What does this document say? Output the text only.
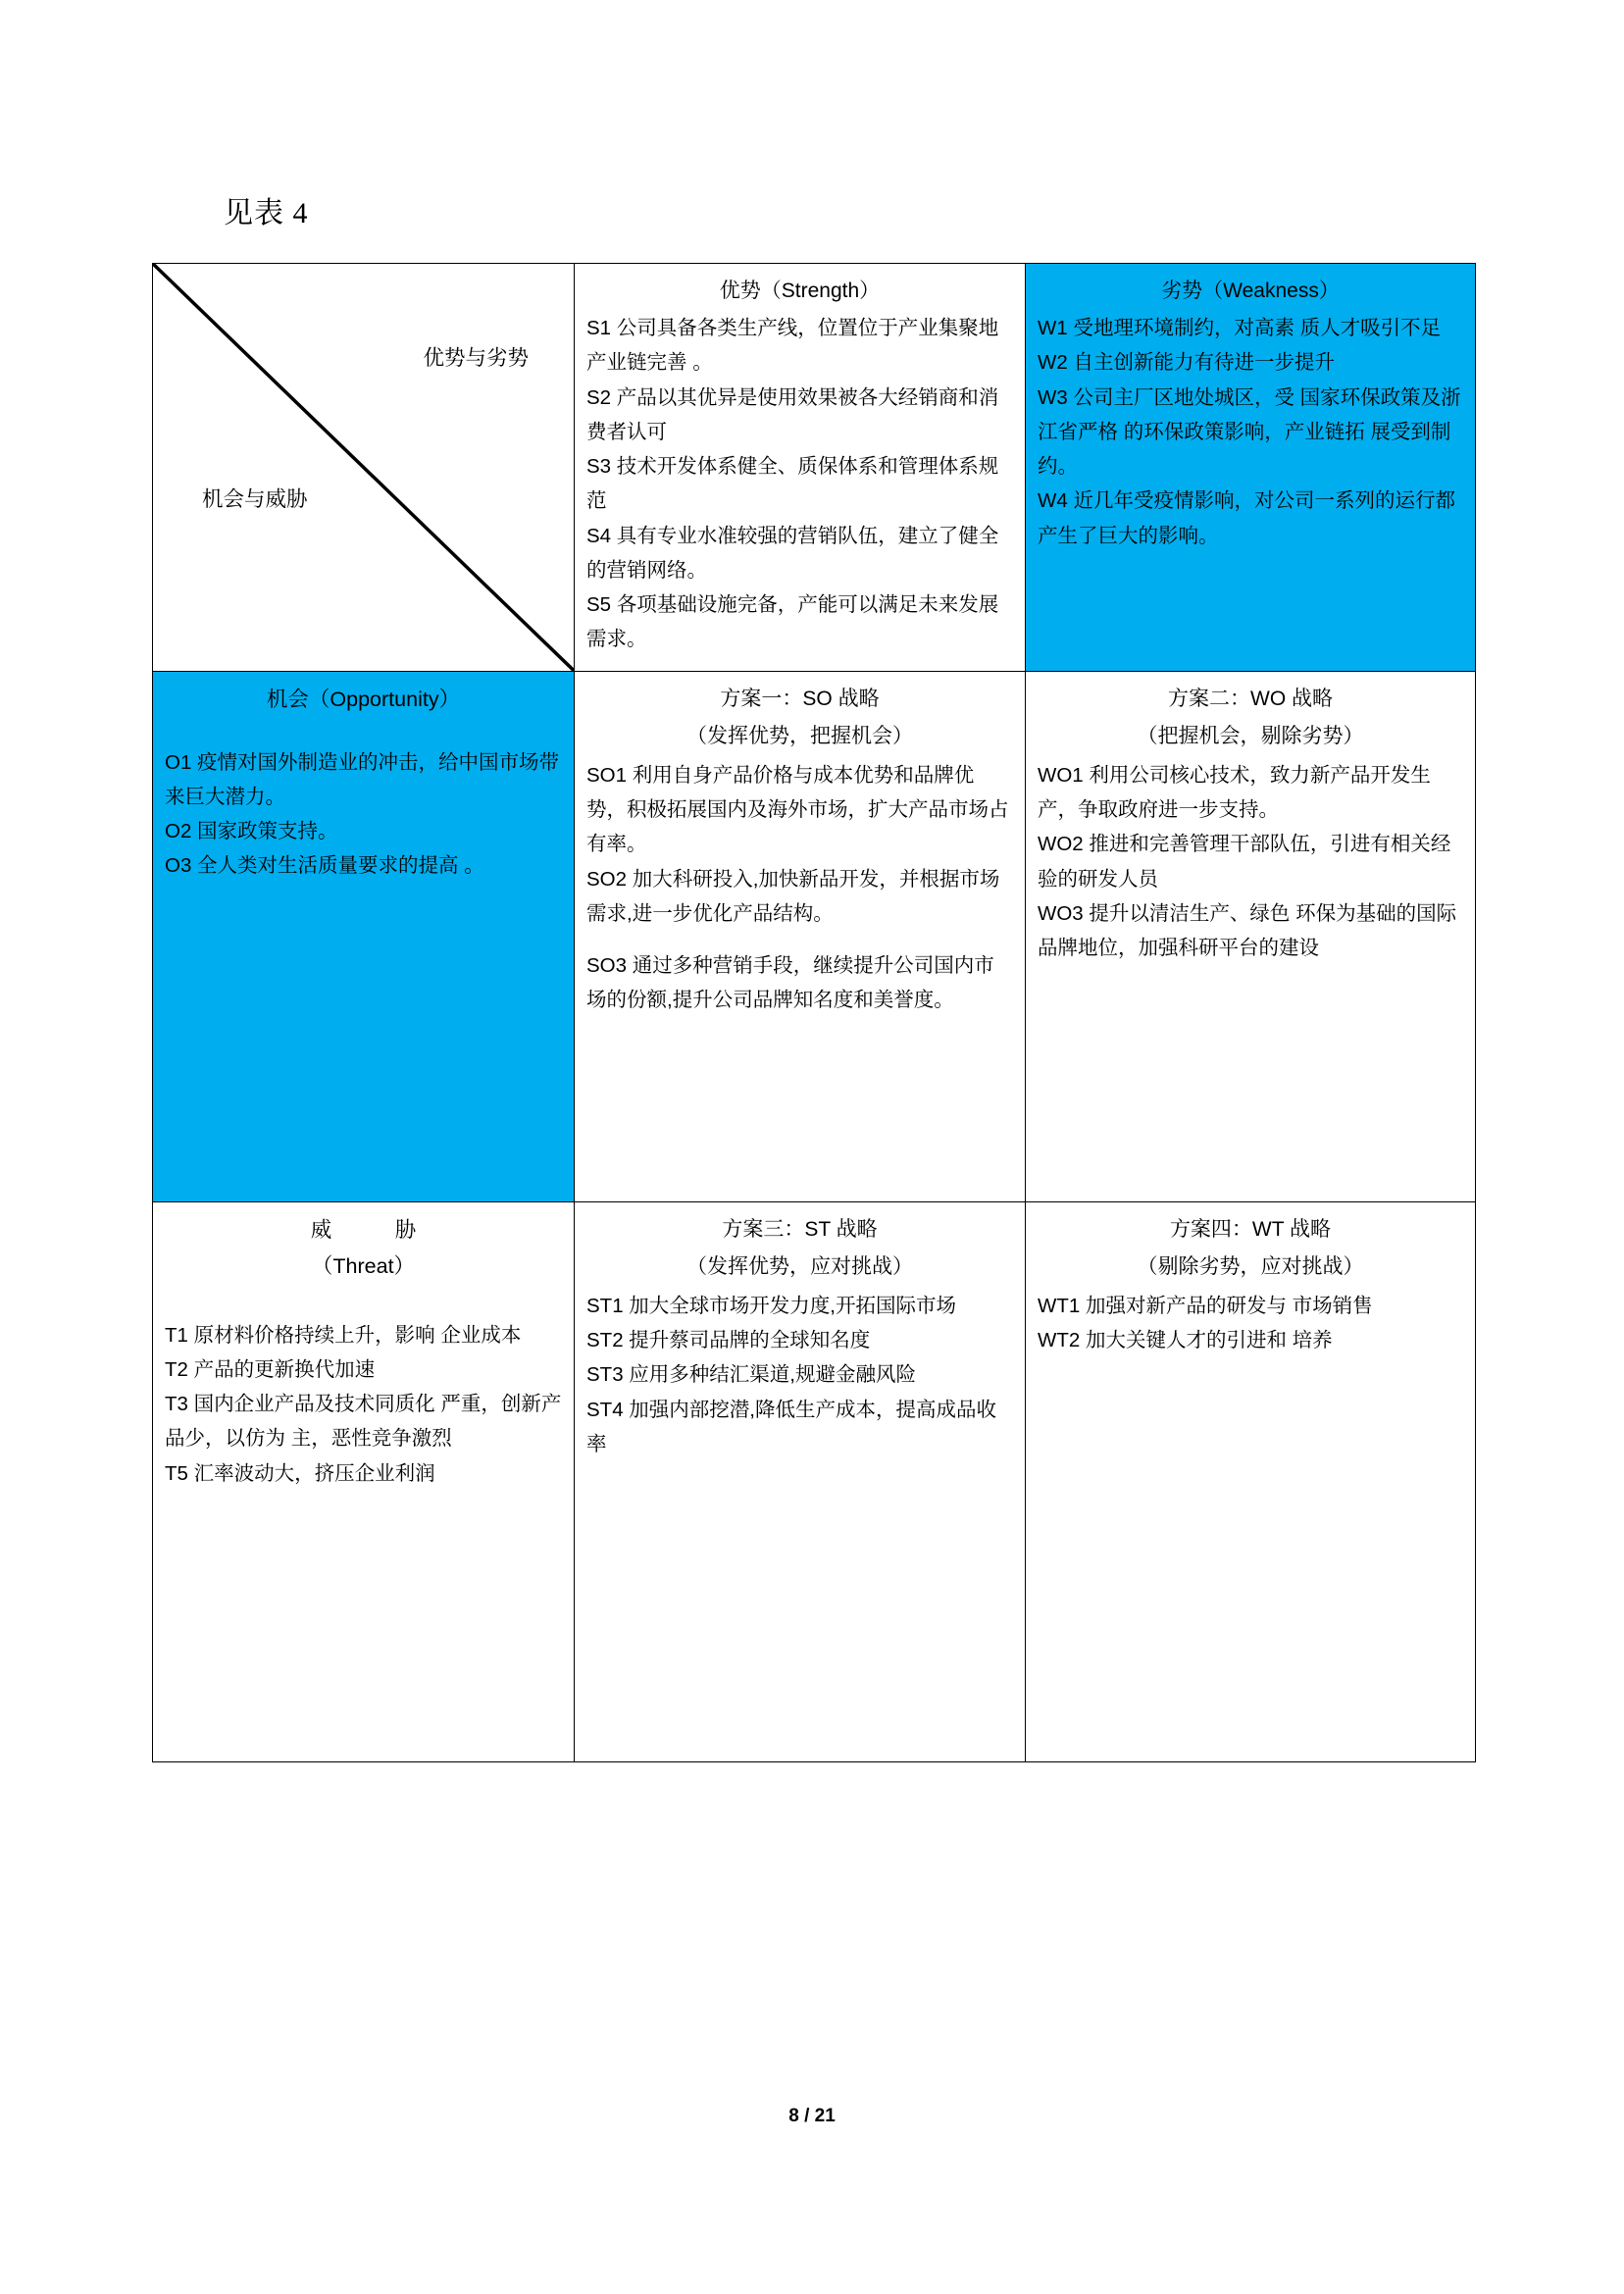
见表 4
优势与劣势
机会与威胁

优势（Strength）
S1 公司具备各类生产线，位置位于产业集聚地产业链完善 。
S2 产品以其优异是使用效果被各大经销商和消费者认可
S3 技术开发体系健全、质保体系和管理体系规范
S4 具有专业水准较强的营销队伍，建立了健全的营销网络。
S5 各项基础设施完备，产能可以满足未来发展需求。

劣势（Weakness）
W1 受地理环境制约，对高素 质人才吸引不足
W2 自主创新能力有待进一步提升
W3 公司主厂区地处城区，受 国家环保政策及浙江省严格 的环保政策影响，产业链拓 展受到制约。
W4 近几年受疫情影响，对公司一系列的运行都产生了巨大的影响。

机会（Opportunity）
O1 疫情对国外制造业的冲击，给中国市场带来巨大潜力。
O2 国家政策支持。
O3 全人类对生活质量要求的提高 。

方案一：SO 战略
（发挥优势，把握机会）
SO1 利用自身产品价格与成本优势和品牌优势，积极拓展国内及海外市场，扩大产品市场占有率。
SO2 加大科研投入,加快新品开发，并根据市场需求,进一步优化产品结构。
SO3 通过多种营销手段，继续提升公司国内市场的份额,提升公司品牌知名度和美誉度。

方案二：WO 战略
（把握机会，剔除劣势）
WO1 利用公司核心技术，致力新产品开发生产，争取政府进一步支持。
WO2 推进和完善管理干部队伍，引进有相关经验的研发人员
WO3 提升以清洁生产、绿色 环保为基础的国际品牌地位，加强科研平台的建设

威　　　胁
（Threat）
T1 原材料价格持续上升，影响 企业成本
T2 产品的更新换代加速
T3 国内企业产品及技术同质化 严重，创新产品少，以仿为 主，恶性竞争激烈
T5 汇率波动大，挤压企业利润

方案三：ST 战略
（发挥优势，应对挑战）
ST1 加大全球市场开发力度,开拓国际市场
ST2 提升蔡司品牌的全球知名度
ST3 应用多种结汇渠道,规避金融风险
ST4 加强内部挖潜,降低生产成本，提高成品收率

方案四：WT 战略
（剔除劣势，应对挑战）
WT1 加强对新产品的研发与 市场销售
WT2 加大关键人才的引进和 培养
8 / 21
